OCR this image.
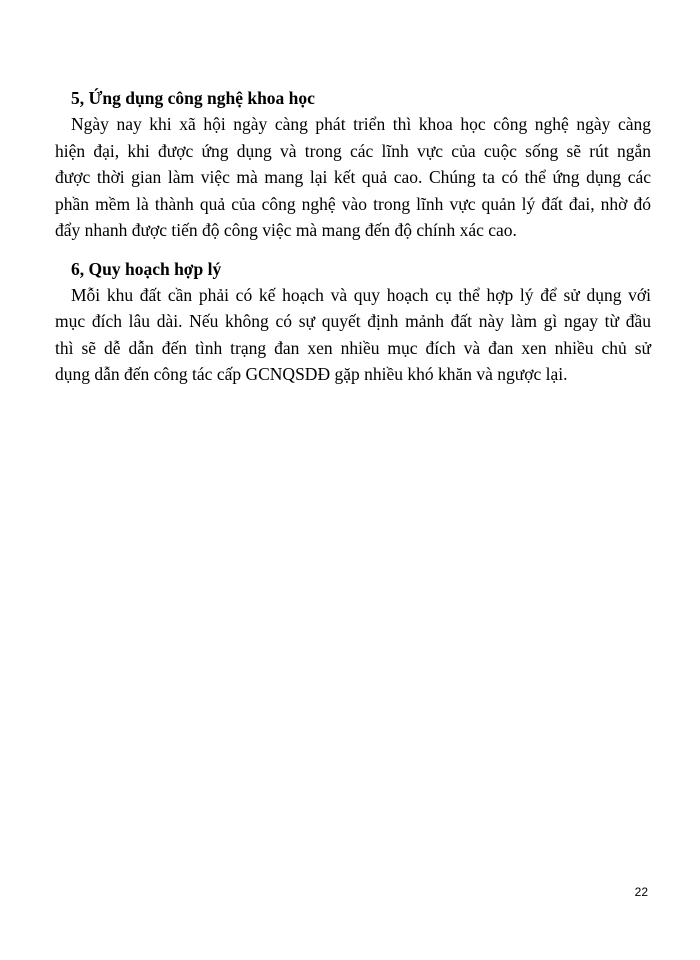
5, Ứng dụng công nghệ khoa học
Ngày nay khi xã hội ngày càng phát triển thì khoa học công nghệ ngày càng
hiện đại, khi được ứng dụng và trong các lĩnh vực của cuộc sống sẽ rút ngắn
được thời gian làm việc mà mang lại kết quả cao. Chúng ta có thể ứng dụng các
phần mềm là thành quả của công nghệ vào trong lĩnh vực quản lý đất đai, nhờ đó
đẩy nhanh được tiến độ công việc mà mang đến độ chính xác cao.
6, Quy hoạch hợp lý
Mỗi khu đất cần phải có kế hoạch và quy hoạch cụ thể hợp lý để sử dụng với
mục đích lâu dài. Nếu không có sự quyết định mảnh đất này làm gì ngay từ đầu
thì sẽ dễ dẫn đến tình trạng đan xen nhiều mục đích và đan xen nhiều chủ sử
dụng dẫn đến công tác cấp GCNQSDĐ gặp nhiều khó khăn và ngược lại.
22
